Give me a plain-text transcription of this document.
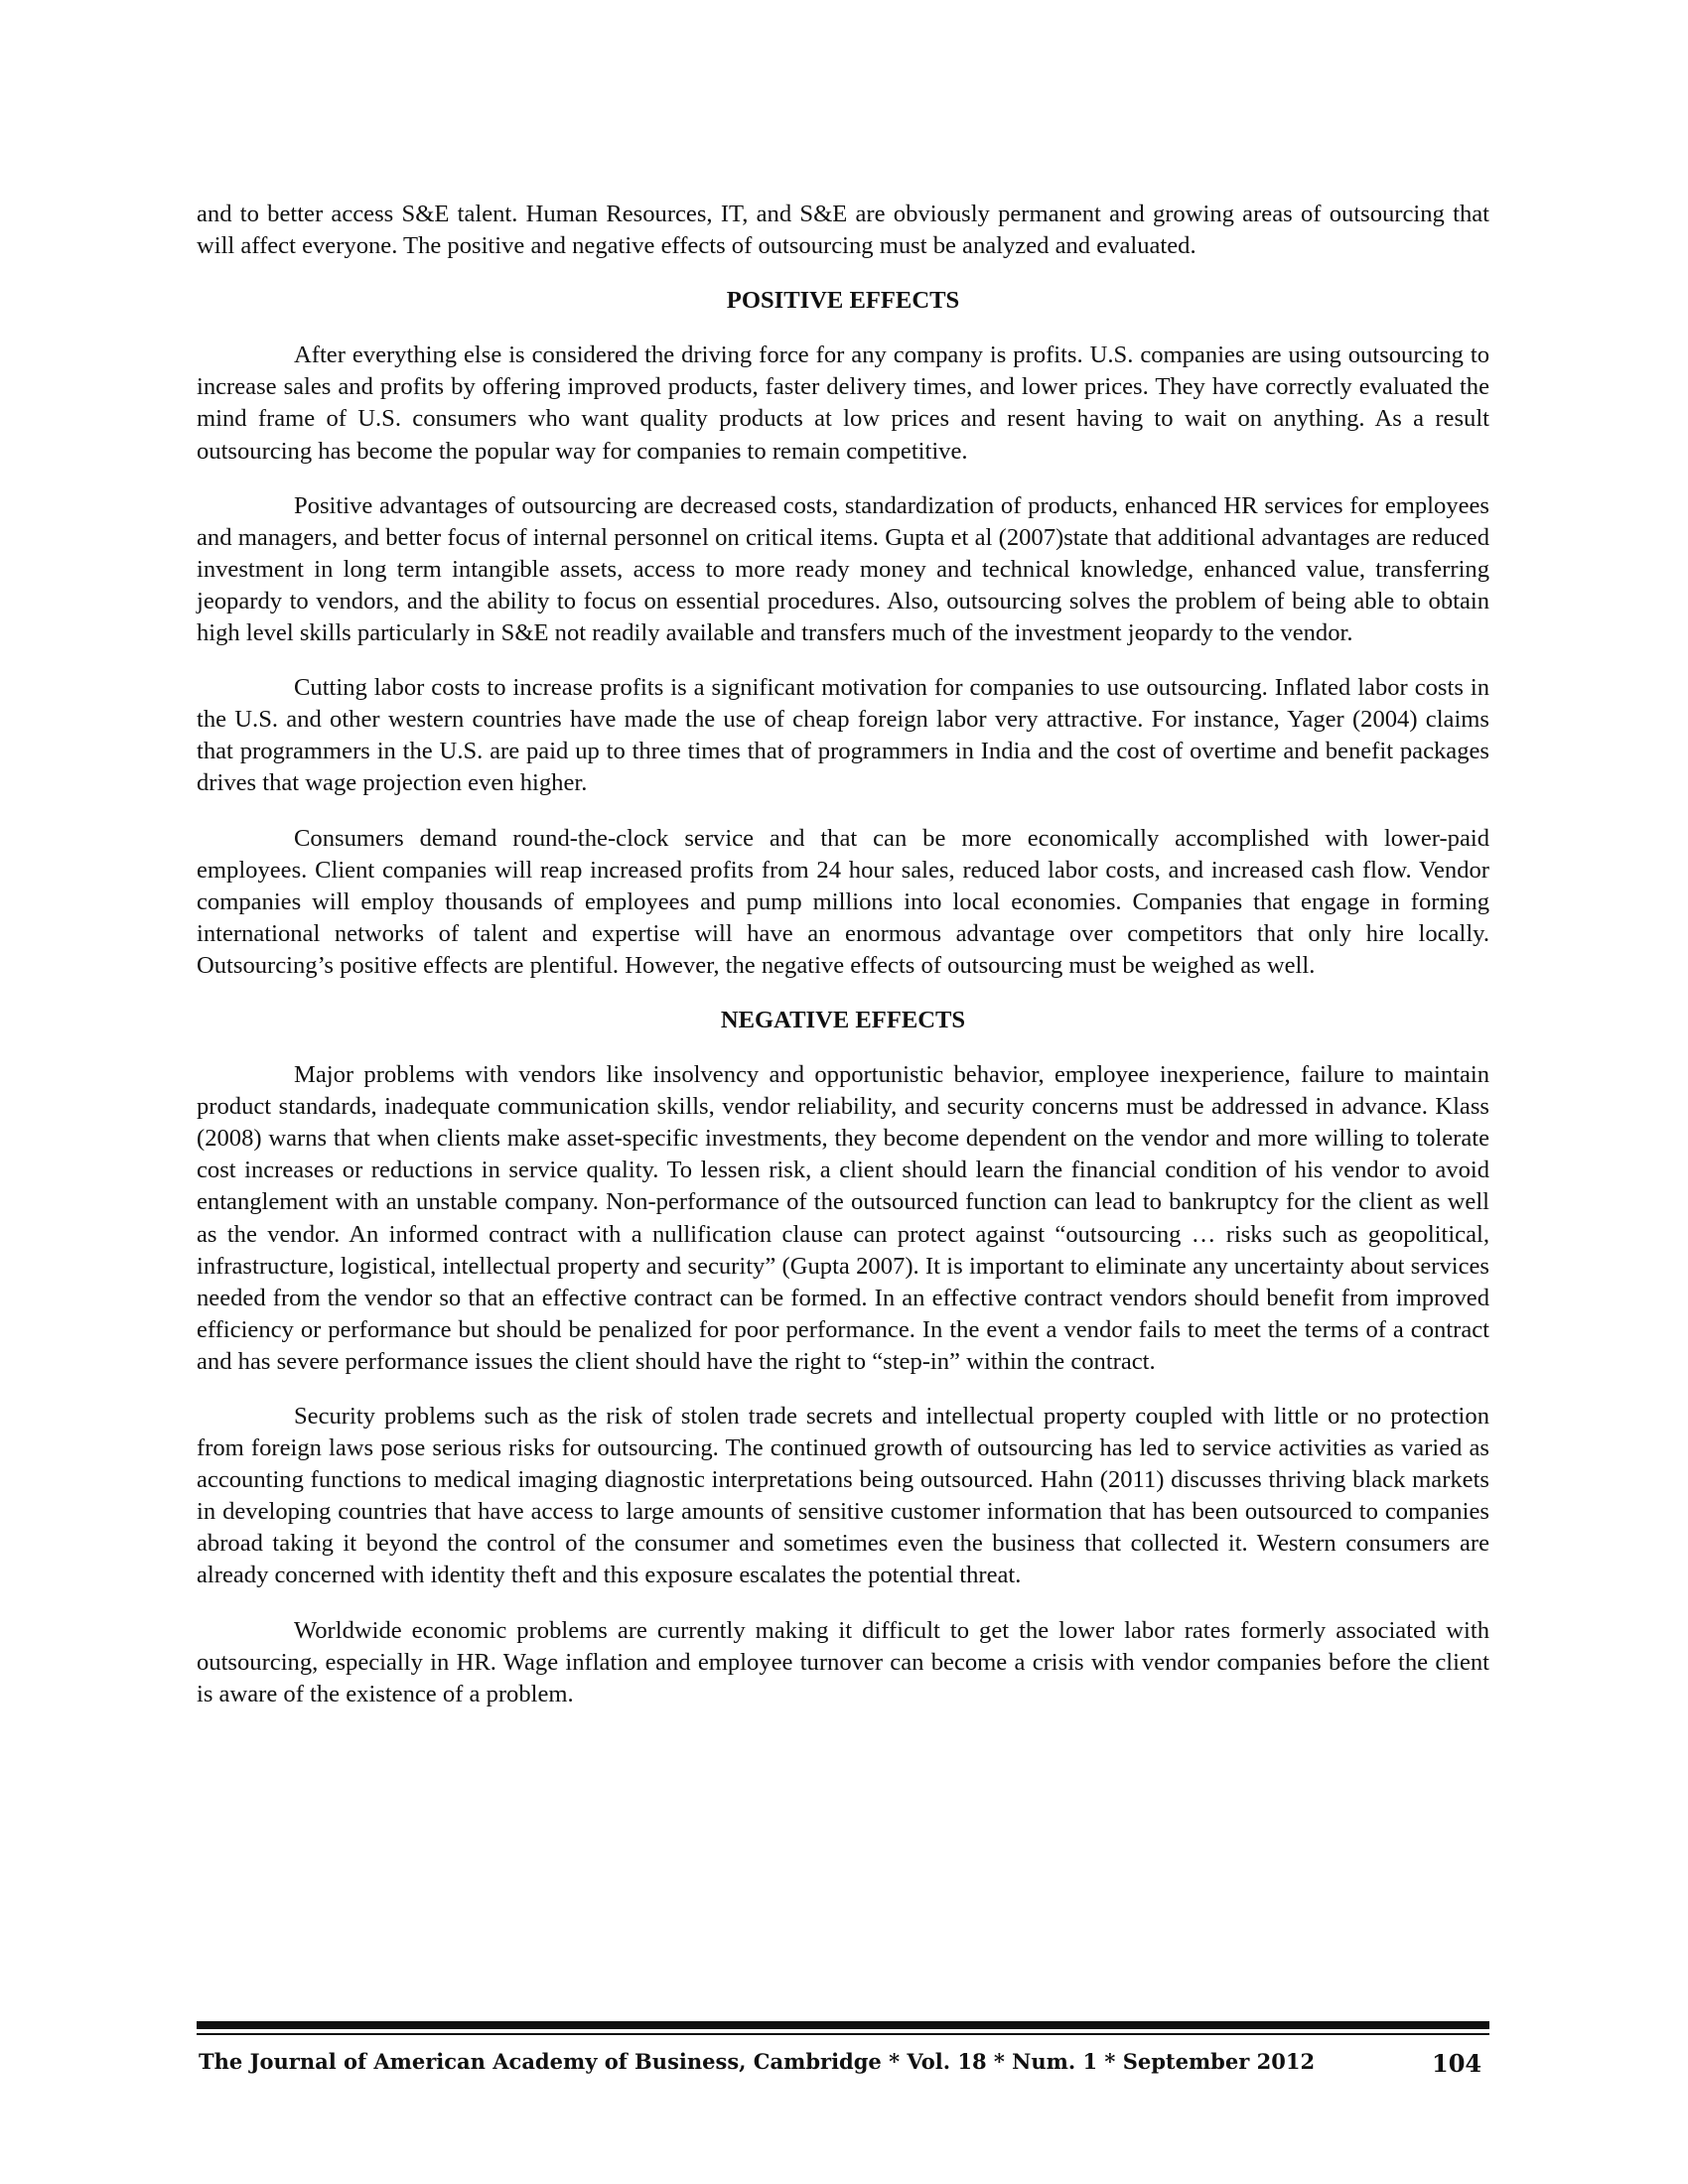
and to better access S&E talent. Human Resources, IT, and S&E are obviously permanent and growing areas of outsourcing that will affect everyone. The positive and negative effects of outsourcing must be analyzed and evaluated.

POSITIVE EFFECTS

After everything else is considered the driving force for any company is profits. U.S. companies are using outsourcing to increase sales and profits by offering improved products, faster delivery times, and lower prices. They have correctly evaluated the mind frame of U.S. consumers who want quality products at low prices and resent having to wait on anything. As a result outsourcing has become the popular way for companies to remain competitive.

Positive advantages of outsourcing are decreased costs, standardization of products, enhanced HR services for employees and managers, and better focus of internal personnel on critical items. Gupta et al (2007)state that additional advantages are reduced investment in long term intangible assets, access to more ready money and technical knowledge, enhanced value, transferring jeopardy to vendors, and the ability to focus on essential procedures. Also, outsourcing solves the problem of being able to obtain high level skills particularly in S&E not readily available and transfers much of the investment jeopardy to the vendor.

Cutting labor costs to increase profits is a significant motivation for companies to use outsourcing. Inflated labor costs in the U.S. and other western countries have made the use of cheap foreign labor very attractive. For instance, Yager (2004) claims that programmers in the U.S. are paid up to three times that of programmers in India and the cost of overtime and benefit packages drives that wage projection even higher.

Consumers demand round-the-clock service and that can be more economically accomplished with lower-paid employees. Client companies will reap increased profits from 24 hour sales, reduced labor costs, and increased cash flow. Vendor companies will employ thousands of employees and pump millions into local economies. Companies that engage in forming international networks of talent and expertise will have an enormous advantage over competitors that only hire locally. Outsourcing’s positive effects are plentiful. However, the negative effects of outsourcing must be weighed as well.

NEGATIVE EFFECTS

Major problems with vendors like insolvency and opportunistic behavior, employee inexperience, failure to maintain product standards, inadequate communication skills, vendor reliability, and security concerns must be addressed in advance. Klass (2008) warns that when clients make asset-specific investments, they become dependent on the vendor and more willing to tolerate cost increases or reductions in service quality. To lessen risk, a client should learn the financial condition of his vendor to avoid entanglement with an unstable company. Non-performance of the outsourced function can lead to bankruptcy for the client as well as the vendor. An informed contract with a nullification clause can protect against “outsourcing … risks such as geopolitical, infrastructure, logistical, intellectual property and security” (Gupta 2007). It is important to eliminate any uncertainty about services needed from the vendor so that an effective contract can be formed. In an effective contract vendors should benefit from improved efficiency or performance but should be penalized for poor performance. In the event a vendor fails to meet the terms of a contract and has severe performance issues the client should have the right to “step-in” within the contract.

Security problems such as the risk of stolen trade secrets and intellectual property coupled with little or no protection from foreign laws pose serious risks for outsourcing. The continued growth of outsourcing has led to service activities as varied as accounting functions to medical imaging diagnostic interpretations being outsourced. Hahn (2011) discusses thriving black markets in developing countries that have access to large amounts of sensitive customer information that has been outsourced to companies abroad taking it beyond the control of the consumer and sometimes even the business that collected it. Western consumers are already concerned with identity theft and this exposure escalates the potential threat.

Worldwide economic problems are currently making it difficult to get the lower labor rates formerly associated with outsourcing, especially in HR. Wage inflation and employee turnover can become a crisis with vendor companies before the client is aware of the existence of a problem.

The Journal of American Academy of Business, Cambridge * Vol. 18 * Num. 1 * September 2012	104
